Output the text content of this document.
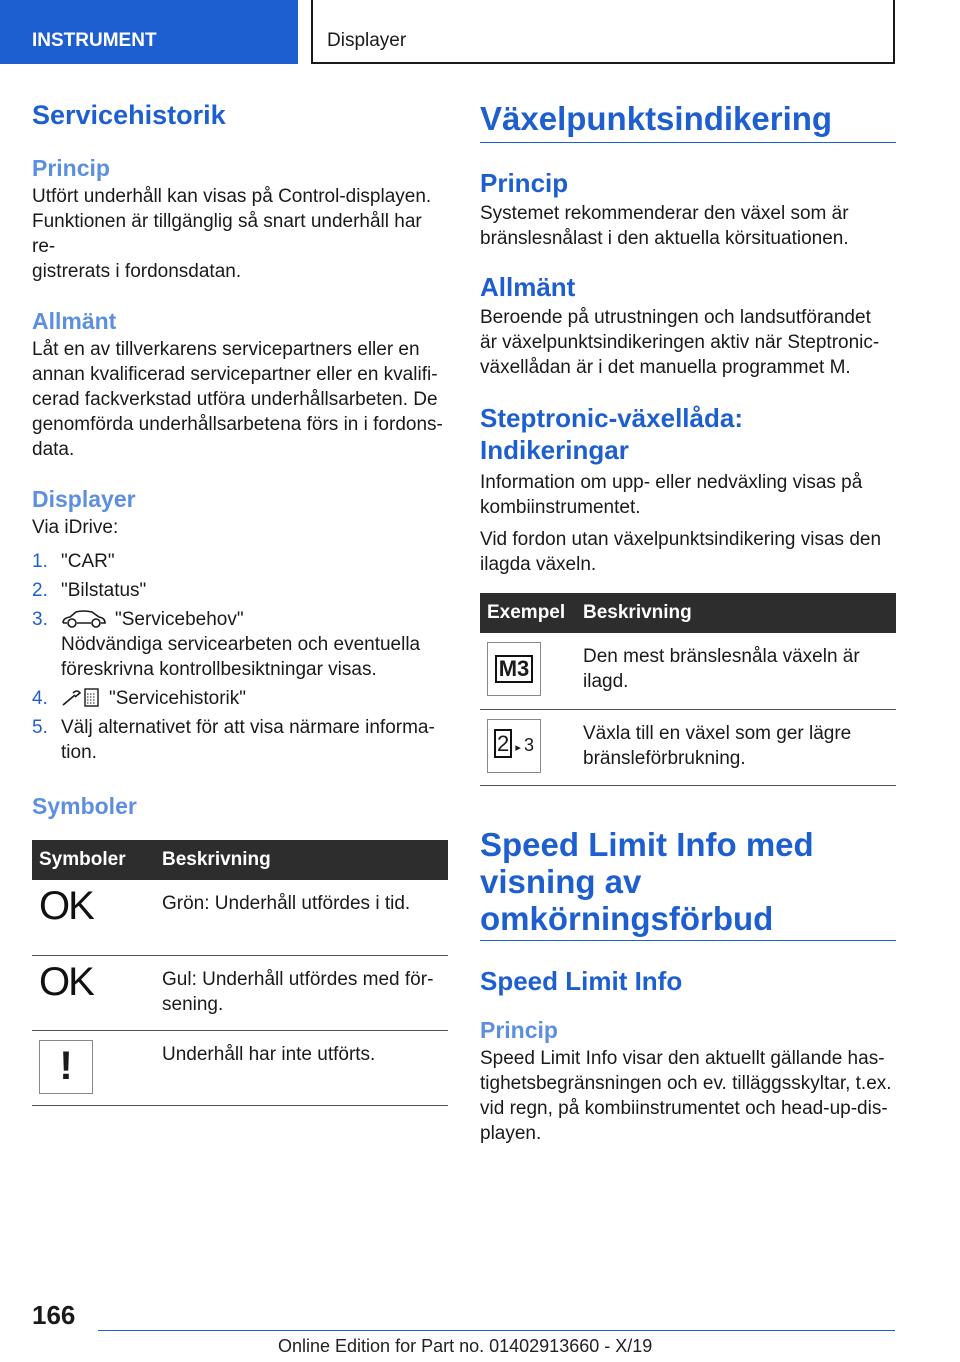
INSTRUMENT	Displayer
Servicehistorik
Princip

Utfört underhåll kan visas på Control-displayen.
Funktionen är tillgänglig så snart underhåll har re-
gistrerats i fordonsdatan.

Allmänt

Låt en av tillverkarens servicepartners eller en
annan kvalificerad servicepartner eller en kvalifi-
cerad fackverkstad utföra underhållsarbeten. De
genomförda underhållsarbetena förs in i fordons-
data.

Displayer

Via iDrive:

1. "CAR"
2. "Bilstatus"
3.	"Servicebehov"
Nödvändiga servicearbeten och eventuella
föreskrivna kontrollbesiktningar visas.
4.	"Servicehistorik"
5. Välj alternativet för att visa närmare informa-
tion.
Symboler
Symboler	Beskrivning
OK	Grön: Underhåll utfördes i tid.
OK	Gul: Underhåll utfördes med för-
sening.

!	Underhåll har inte utförts.
Växelpunktsindikering
Princip

Systemet rekommenderar den växel som är
bränslesnålast i den aktuella körsituationen.

Allmänt

Beroende på utrustningen och landsutförandet
är växelpunktsindikeringen aktiv när Steptronic-
växellådan är i det manuella programmet M.

Steptronic-växellåda:
Indikeringar

Information om upp- eller nedväxling visas på
kombiinstrumentet.

Vid fordon utan växelpunktsindikering visas den
ilagda växeln.

Exempel	Beskrivning

M3	Den mest bränslesnåla växeln är
ilagd.

2 ▸ 3	Växla till en växel som ger lägre
bränsleförbrukning.
Speed Limit Info med
visning av
omkörningsförbud
Speed Limit Info
Princip

Speed Limit Info visar den aktuellt gällande has-
tighetsbegränsningen och ev. tilläggsskyltar, t.ex.
vid regn, på kombiinstrumentet och head-up-dis-
playen.

166
Online Edition for Part no. 01402913660 - X/19
